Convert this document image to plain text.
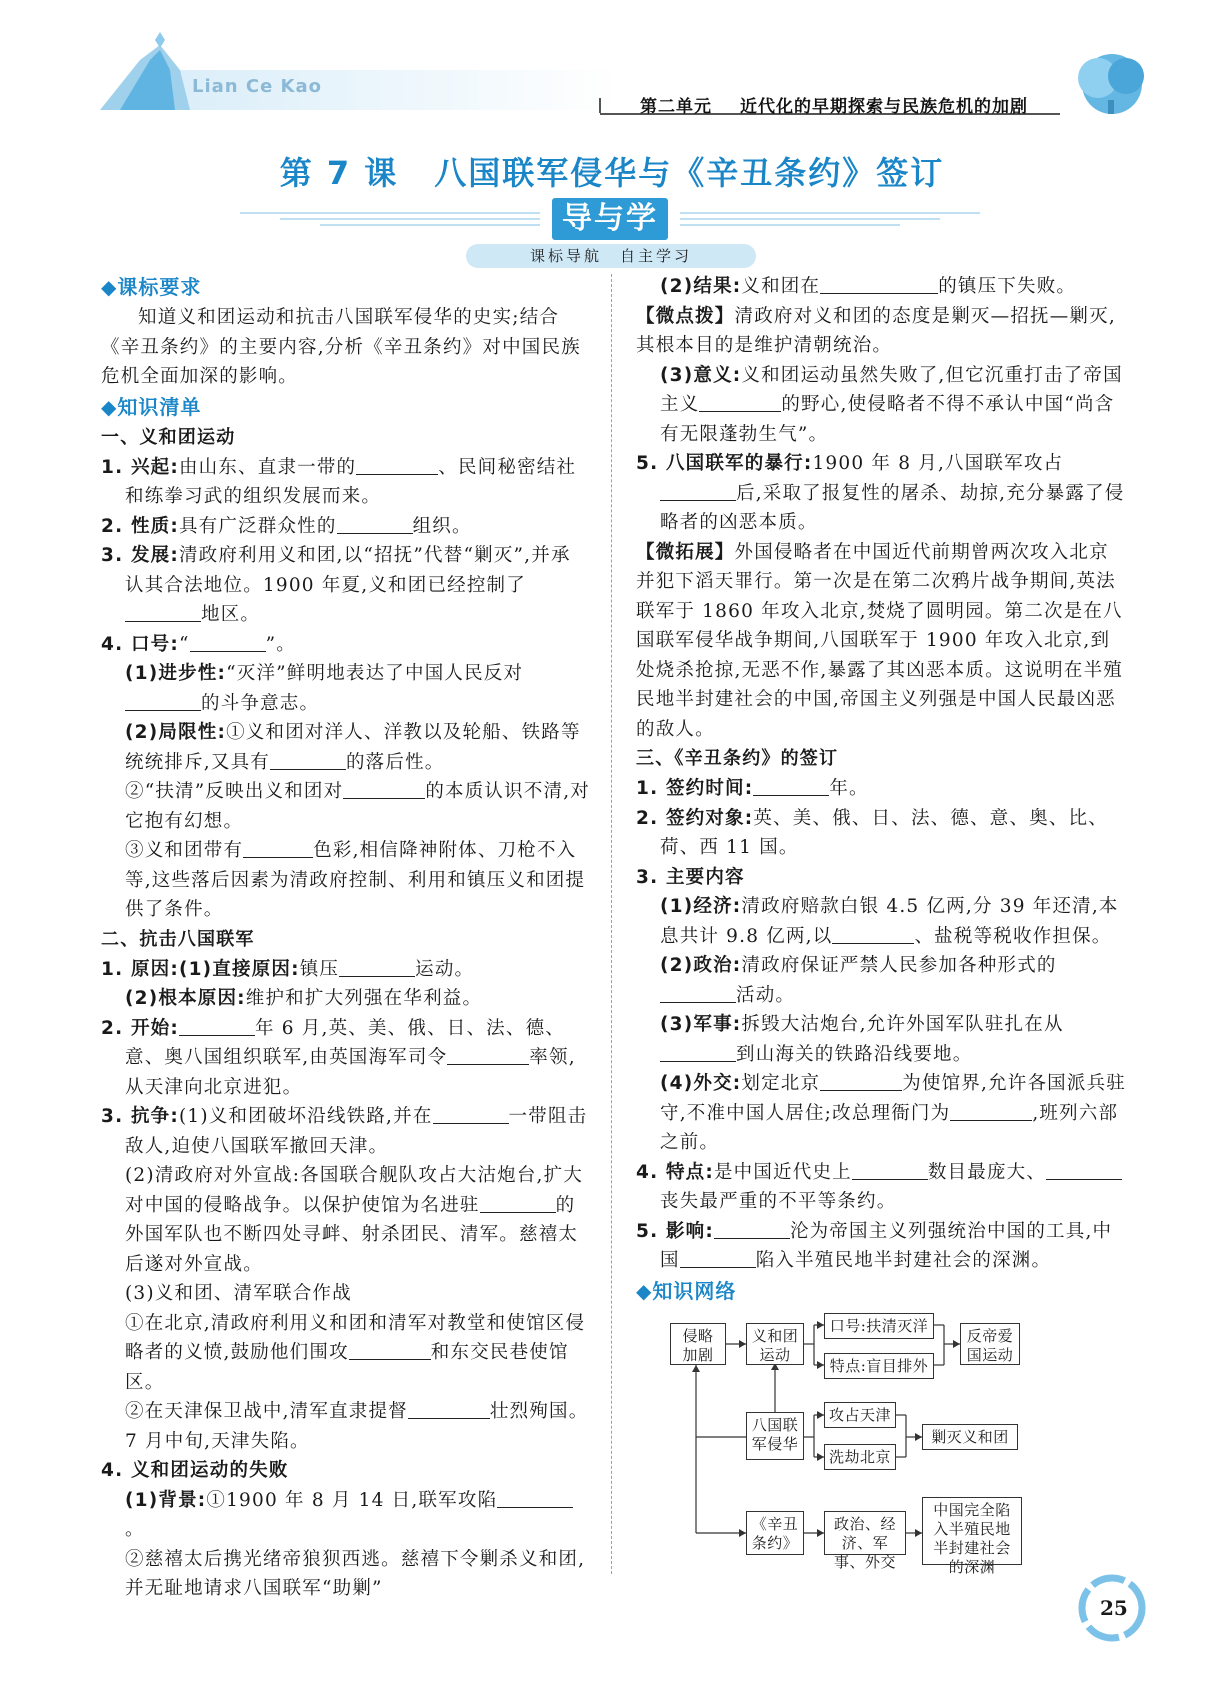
Lian Ce Kao
第二单元 近代化的早期探索与民族危机的加剧
第 7 课 八国联军侵华与《辛丑条约》签订
导与学
课标导航　自主学习
◆课标要求

知道义和团运动和抗击八国联军侵华的史实;结合《辛丑条约》的主要内容,分析《辛丑条约》对中国民族危机全面加深的影响。

◆知识清单
一、义和团运动

1. 兴起:由山东、直隶一带的	、民间秘密结社和练拳习武的组织发展而来。

2. 性质:具有广泛群众性的	组织。

3. 发展:清政府利用义和团,以“招抚”代替“剿灭”,并承认其合法地位。1900 年夏,义和团已经控制了地区。

4. 口号:“	”。

(1)进步性:“灭洋”鲜明地表达了中国人民反对的斗争意志。

(2)局限性:①义和团对洋人、洋教以及轮船、铁路等统统排斥,又具有	的落后性。

②“扶清”反映出义和团对	的本质认识不清,对它抱有幻想。

③义和团带有	色彩,相信降神附体、刀枪不入等,这些落后因素为清政府控制、利用和镇压义和团提供了条件。

二、抗击八国联军

1. 原因:(1)直接原因:镇压	运动。

(2)根本原因:维护和扩大列强在华利益。

2. 开始:	年 6 月,英、美、俄、日、法、德、意、奥八国组织联军,由英国海军司令	率领,从天津向北京进犯。

3. 抗争:(1)义和团破坏沿线铁路,并在	一带阻击敌人,迫使八国联军撤回天津。

(2)清政府对外宣战:各国联合舰队攻占大沽炮台,扩大对中国的侵略战争。以保护使馆为名进驻	的外国军队也不断四处寻衅、射杀团民、清军。慈禧太后遂对外宣战。

(3)义和团、清军联合作战

①在北京,清政府利用义和团和清军对教堂和使馆区侵略者的义愤,鼓励他们围攻	和东交民巷使馆区。

②在天津保卫战中,清军直隶提督	壮烈殉国。7 月中旬,天津失陷。

4. 义和团运动的失败

(1)背景:①1900 年 8 月 14 日,联军攻陷。

②慈禧太后携光绪帝狼狈西逃。慈禧下令剿杀义和团,并无耻地请求八国联军“助剿”

(2)结果:义和团在	的镇压下失败。

【微点拨】清政府对义和团的态度是剿灭—招抚—剿灭,其根本目的是维护清朝统治。

(3)意义:义和团运动虽然失败了,但它沉重打击了帝国主义	的野心,使侵略者不得不承认中国“尚含有无限蓬勃生气”。

5. 八国联军的暴行:1900 年 8 月,八国联军攻占后,采取了报复性的屠杀、劫掠,充分暴露了侵略者的凶恶本质。

【微拓展】外国侵略者在中国近代前期曾两次攻入北京并犯下滔天罪行。第一次是在第二次鸦片战争期间,英法联军于 1860 年攻入北京,焚烧了圆明园。第二次是在八国联军侵华战争期间,八国联军于 1900 年攻入北京,到处烧杀抢掠,无恶不作,暴露了其凶恶本质。这说明在半殖民地半封建社会的中国,帝国主义列强是中国人民最凶恶的敌人。

三、《辛丑条约》的签订

1. 签约时间:	年。

2. 签约对象:英、美、俄、日、法、德、意、奥、比、荷、西 11 国。

3. 主要内容

(1)经济:清政府赔款白银 4.5 亿两,分 39 年还清,本息共计 9.8 亿两,以	、盐税等税收作担保。

(2)政治:清政府保证严禁人民参加各种形式的活动。

(3)军事:拆毁大沽炮台,允许外国军队驻扎在从到山海关的铁路沿线要地。

(4)外交:划定北京	为使馆界,允许各国派兵驻守,不准中国人居住;改总理衙门为	,班列六部之前。

4. 特点:是中国近代史上	数目最庞大、丧失最严重的不平等条约。

5. 影响:	沦为帝国主义列强统治中国的工具,中国	陷入半殖民地半封建社会的深渊。

◆知识网络
侵略加剧
义和团运动
口号:扶清灭洋
特点:盲目排外
反帝爱国运动
八国联军侵华
攻占天津
洗劫北京
剿灭义和团
《辛丑条约》
政治、经济、军事、外交
中国完全陷入半殖民地半封建社会的深渊
25
